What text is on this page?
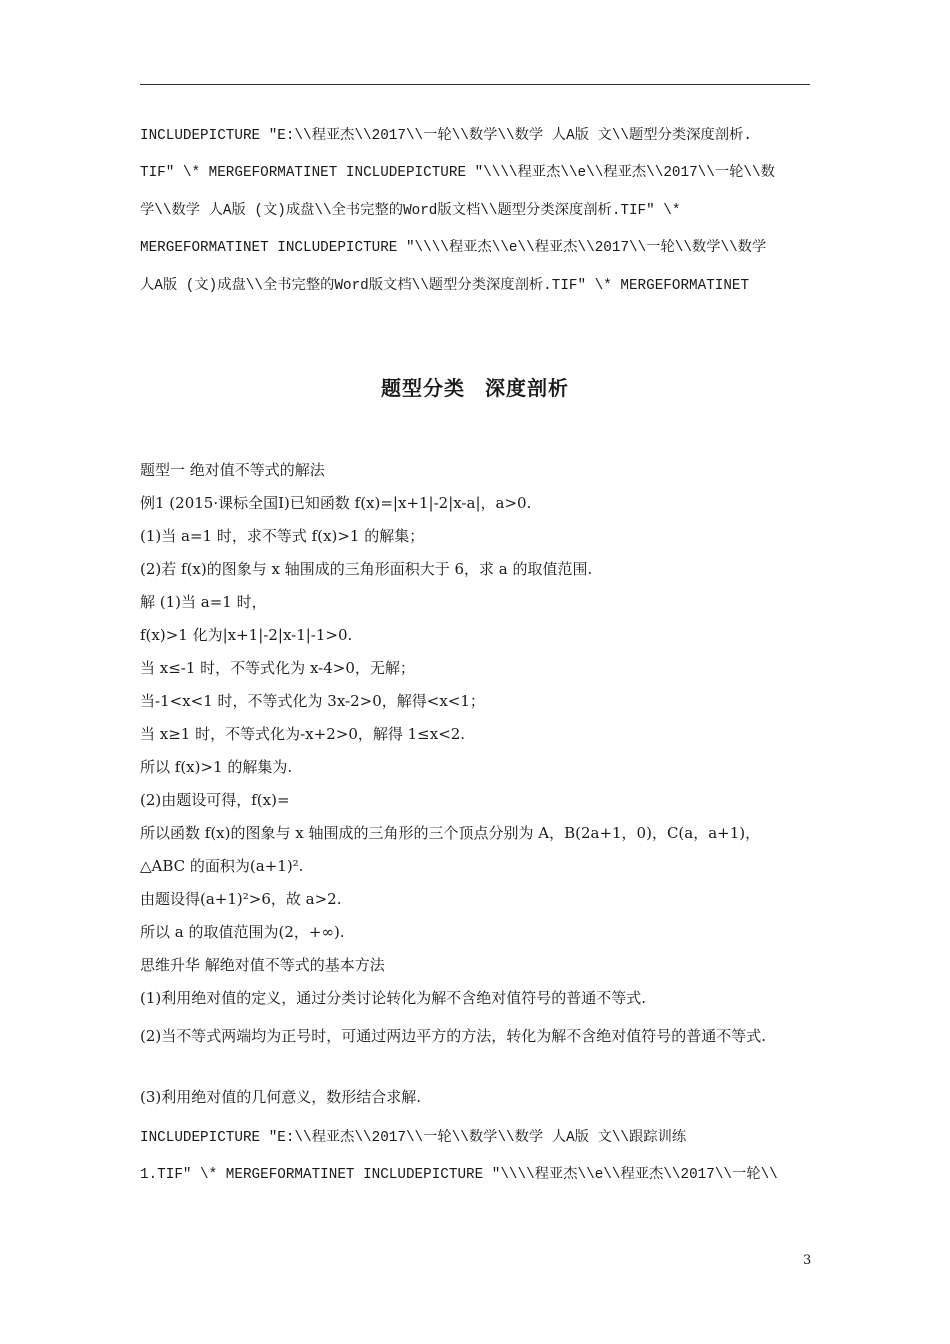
INCLUDEPICTURE "E:\\程亚杰\\2017\\一轮\\数学\\数学 人A版 文\\题型分类深度剖析.
TIF" \* MERGEFORMATINET INCLUDEPICTURE "\\\\程亚杰\\e\\程亚杰\\2017\\一轮\\数
学\\数学 人A版 (文)成盘\\全书完整的Word版文档\\题型分类深度剖析.TIF" \*
MERGEFORMATINET INCLUDEPICTURE "\\\\程亚杰\\e\\程亚杰\\2017\\一轮\\数学\\数学
人A版 (文)成盘\\全书完整的Word版文档\\题型分类深度剖析.TIF" \* MERGEFORMATINET
题型分类 深度剖析
题型一 绝对值不等式的解法
例1 (2015·课标全国Ⅰ)已知函数 f(x)=|x+1|-2|x-a|，a>0.
(1)当 a=1 时，求不等式 f(x)>1 的解集；
(2)若 f(x)的图象与 x 轴围成的三角形面积大于 6，求 a 的取值范围.
解 (1)当 a=1 时，
f(x)>1 化为|x+1|-2|x-1|-1>0.
当 x≤-1 时，不等式化为 x-4>0，无解；
当-1<x<1 时，不等式化为 3x-2>0，解得<x<1；
当 x≥1 时，不等式化为-x+2>0，解得 1≤x<2.
所以 f(x)>1 的解集为.
(2)由题设可得，f(x)=
所以函数 f(x)的图象与 x 轴围成的三角形的三个顶点分别为 A，B(2a+1，0)，C(a，a+1)，
△ABC 的面积为(a+1)².
由题设得(a+1)²>6，故 a>2.
所以 a 的取值范围为(2，+∞).
思维升华 解绝对值不等式的基本方法
(1)利用绝对值的定义，通过分类讨论转化为解不含绝对值符号的普通不等式.
(2)当不等式两端均为正号时，可通过两边平方的方法，转化为解不含绝对值符号的普通不等式.
(3)利用绝对值的几何意义，数形结合求解.
INCLUDEPICTURE "E:\\程亚杰\\2017\\一轮\\数学\\数学 人A版 文\\跟踪训练
1.TIF" \* MERGEFORMATINET INCLUDEPICTURE "\\\\程亚杰\\e\\程亚杰\\2017\\一轮\\
3
